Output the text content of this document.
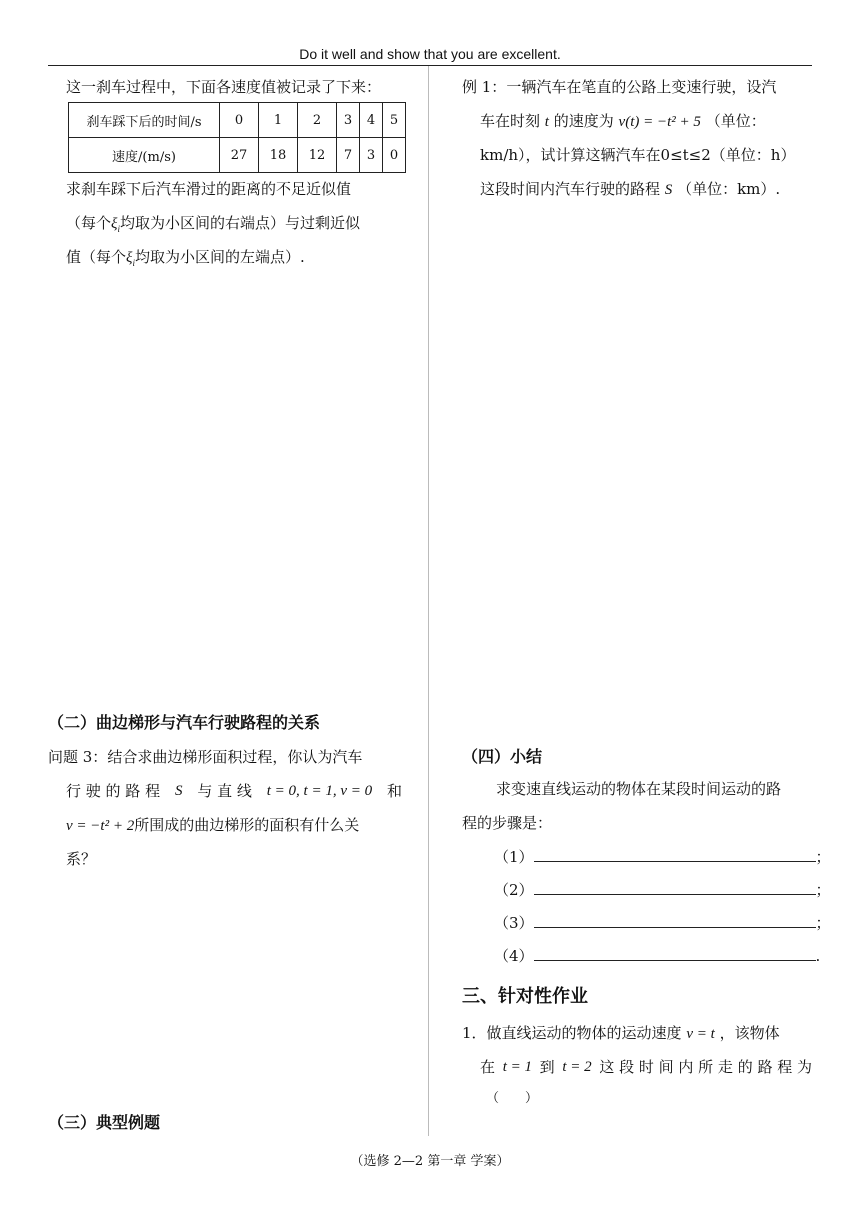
Do it well and show that you are excellent.
这一刹车过程中，下面各速度值被记录了下来：
刹车踩下后的时间/s	0	1	2	3	4	5
速度/(m/s)	27	18	12	7	3	0
求刹车踩下后汽车滑过的距离的不足近似值
（每个$\xi_i$均取为小区间的右端点）与过剩近似
值（每个$\xi_i$均取为小区间的左端点）.
（二）曲边梯形与汽车行驶路程的关系
问题 3：结合求曲边梯形面积过程，你认为汽车
行 驶 的 路 程 S 与 直 线 t = 0, t = 1, v = 0 和
v = −t² + 2所围成的曲边梯形的面积有什么关
系？
（三）典型例题
例 1：一辆汽车在笔直的公路上变速行驶，设汽
车在时刻 t 的速度为 v(t) = −t² + 5 （单位：
km/h），试计算这辆汽车在0≤t≤2（单位：h）
这段时间内汽车行驶的路程 S （单位：km）.
（四）小结
求变速直线运动的物体在某段时间运动的路
程的步骤是：
（1）	；
（2）	；
（3）	；
（4）	.
三、针对性作业
1．做直线运动的物体的运动速度 v = t ，该物体
在 t = 1 到 t = 2 这 段 时 间 内 所 走 的 路 程 为
（　　）
（选修 2—2 第一章 学案）
